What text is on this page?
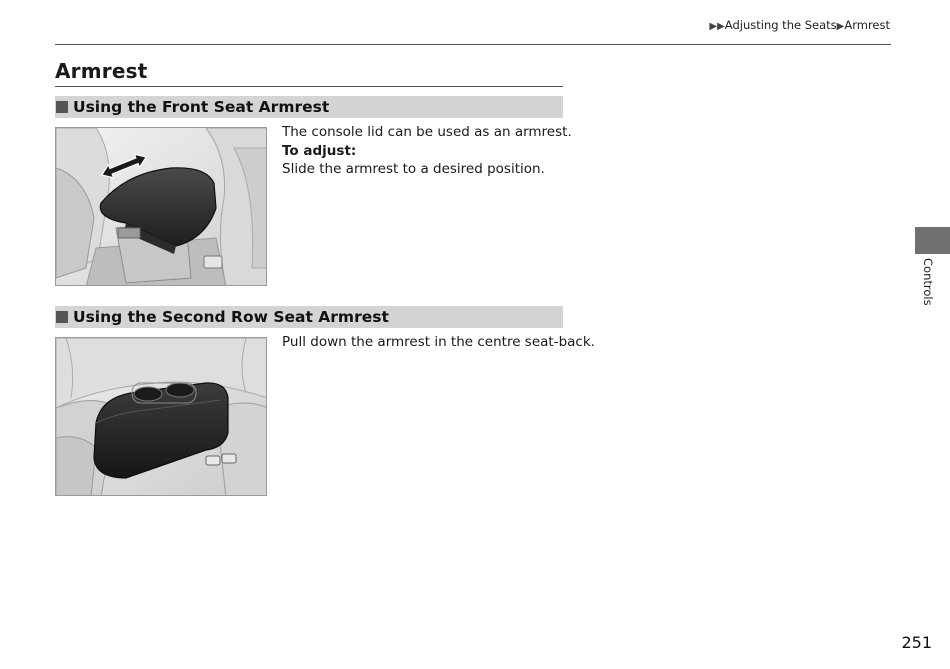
▶▶Adjusting the Seats▶Armrest
Armrest
Using the Front Seat Armrest
The console lid can be used as an armrest.
To adjust:
Slide the armrest to a desired position.
Using the Second Row Seat Armrest
Pull down the armrest in the centre seat-back.
Controls
251
